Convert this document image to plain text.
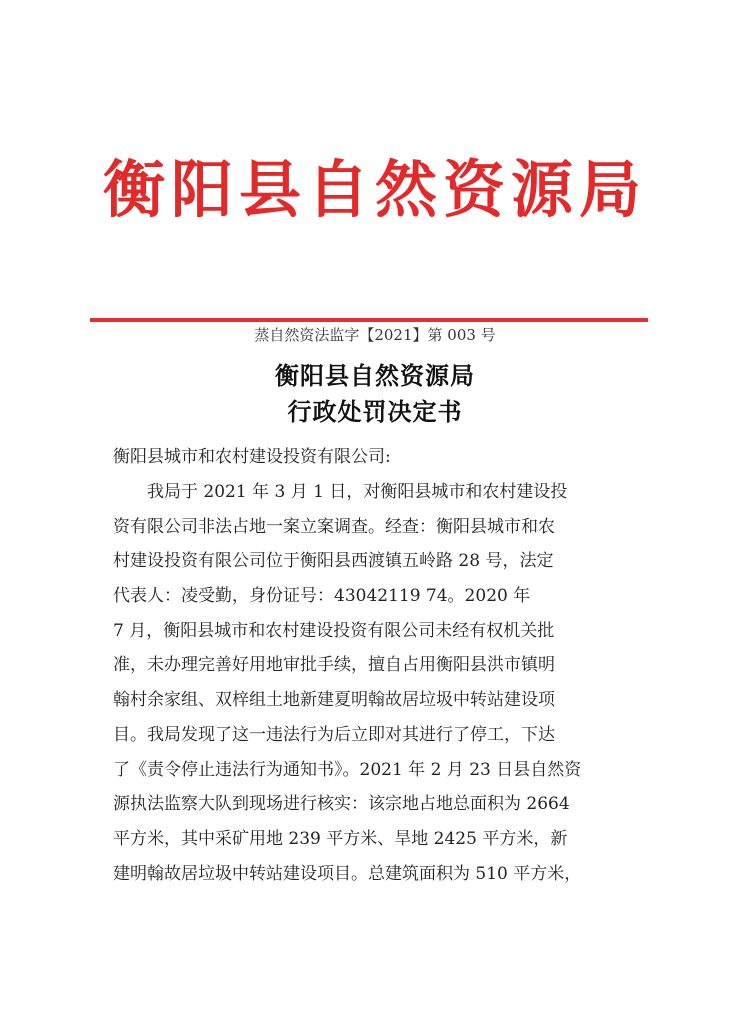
衡阳县自然资源局
蒸自然资法监字【2021】第 003 号
衡阳县自然资源局
行政处罚决定书
衡阳县城市和农村建设投资有限公司:
我局于 2021 年 3 月 1 日，对衡阳县城市和农村建设投
资有限公司非法占地一案立案调查。经查：衡阳县城市和农
村建设投资有限公司位于衡阳县西渡镇五岭路 28 号，法定
代表人：凌受勤，身份证号：43042119 74。2020 年
7 月，衡阳县城市和农村建设投资有限公司未经有权机关批
准，未办理完善好用地审批手续，擅自占用衡阳县洪市镇明
翰村余家组、双梓组土地新建夏明翰故居垃圾中转站建设项
目。我局发现了这一违法行为后立即对其进行了停工，下达
了《责令停止违法行为通知书》。2021 年 2 月 23 日县自然资
源执法监察大队到现场进行核实：该宗地占地总面积为 2664
平方米，其中采矿用地 239 平方米、旱地 2425 平方米，新
建明翰故居垃圾中转站建设项目。总建筑面积为 510 平方米，
